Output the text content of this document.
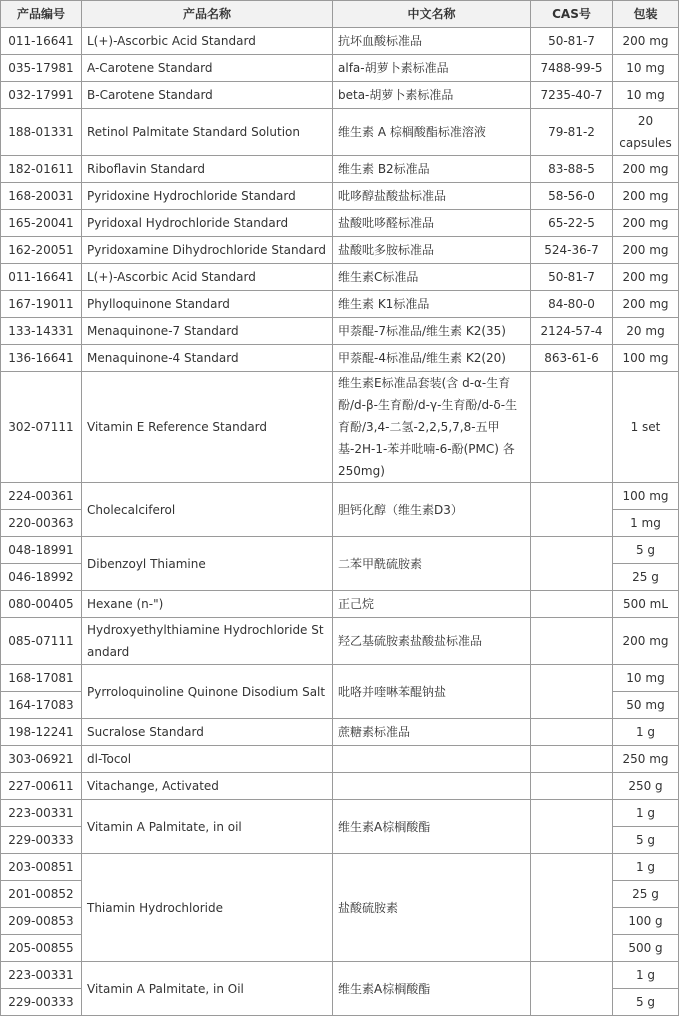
产品编号	产品名称	中文名称	CAS号	包装
011-16641	L(+)-Ascorbic Acid Standard	抗坏血酸标准品	50-81-7	200 mg
035-17981	A-Carotene Standard	alfa-胡萝卜素标准品	7488-99-5	10 mg
032-17991	B-Carotene Standard	beta-胡萝卜素标准品	7235-40-7	10 mg
188-01331	Retinol Palmitate Standard Solution	维生素 A 棕榈酸酯标准溶液	79-81-2	20 capsules
182-01611	Riboflavin Standard	维生素 B2标准品	83-88-5	200 mg
168-20031	Pyridoxine Hydrochloride Standard	吡哆醇盐酸盐标准品	58-56-0	200 mg
165-20041	Pyridoxal Hydrochloride Standard	盐酸吡哆醛标准品	65-22-5	200 mg
162-20051	Pyridoxamine Dihydrochloride Standard	盐酸吡多胺标准品	524-36-7	200 mg
011-16641	L(+)-Ascorbic Acid Standard	维生素C标准品	50-81-7	200 mg
167-19011	Phylloquinone Standard	维生素 K1标准品	84-80-0	200 mg
133-14331	Menaquinone-7 Standard	甲萘醌-7标准品/维生素 K2(35)	2124-57-4	20 mg
136-16641	Menaquinone-4 Standard	甲萘醌-4标准品/维生素 K2(20)	863-61-6	100 mg
302-07111	Vitamin E Reference Standard	维生素E标准品套装(含 d-α-生育酚/d-β-生育酚/d-γ-生育酚/d-δ-生育酚/3,4-二氢-2,2,5,7,8-五甲基-2H-1-苯并吡喃-6-酚(PMC) 各250mg)		1 set
224-00361	Cholecalciferol	胆钙化醇（维生素D3）		100 mg
220-00363				1 mg
048-18991	Dibenzoyl Thiamine	二苯甲酰硫胺素		5 g
046-18992				25 g
080-00405	Hexane (n-")	正己烷		500 mL
085-07111	Hydroxyethylthiamine Hydrochloride Standard	羟乙基硫胺素盐酸盐标准品		200 mg
168-17081	Pyrroloquinoline Quinone Disodium Salt	吡咯并喹啉苯醌钠盐		10 mg
164-17083				50 mg
198-12241	Sucralose Standard	蔗糖素标准品		1 g
303-06921	dl-Tocol			250 mg
227-00611	Vitachange, Activated			250 g
223-00331	Vitamin A Palmitate, in oil	维生素A棕榈酸酯		1 g
229-00333				5 g
203-00851	Thiamin Hydrochloride	盐酸硫胺素		1 g
201-00852				25 g
209-00853				100 g
205-00855				500 g
223-00331	Vitamin A Palmitate, in Oil	维生素A棕榈酸酯		1 g
229-00333				5 g
